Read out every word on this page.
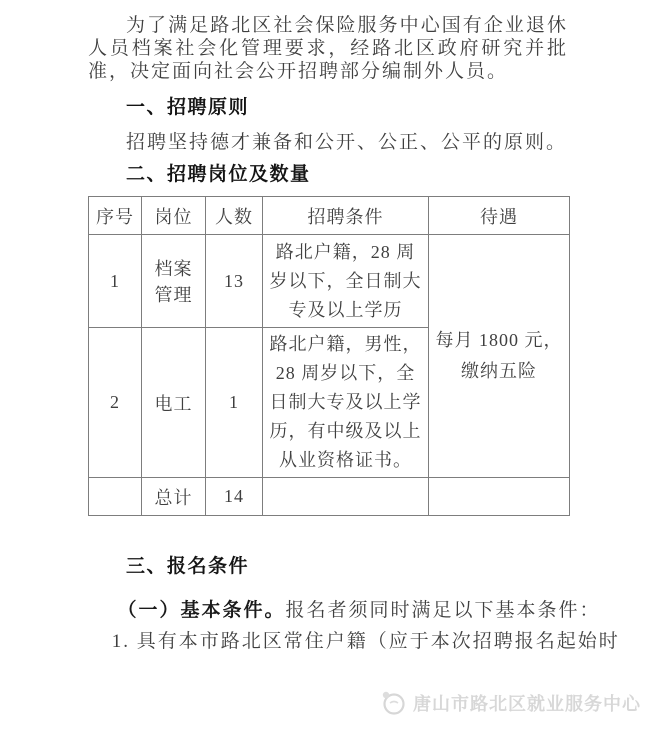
为了满足路北区社会保险服务中心国有企业退休人员档案社会化管理要求，经路北区政府研究并批准，决定面向社会公开招聘部分编制外人员。

一、招聘原则

招聘坚持德才兼备和公开、公正、公平的原则。

二、招聘岗位及数量

序号	岗位	人数	招聘条件	待遇
1	档案管理	13	路北户籍，28 周岁以下，全日制大专及以上学历	每月 1800 元，缴纳五险
2	电工	1	路北户籍，男性，28 周岁以下，全日制大专及以上学历，有中级及以上从业资格证书。	
	总计	14		

三、报名条件

（一）基本条件。报名者须同时满足以下基本条件：

1. 具有本市路北区常住户籍（应于本次招聘报名起始时

唐山市路北区就业服务中心
